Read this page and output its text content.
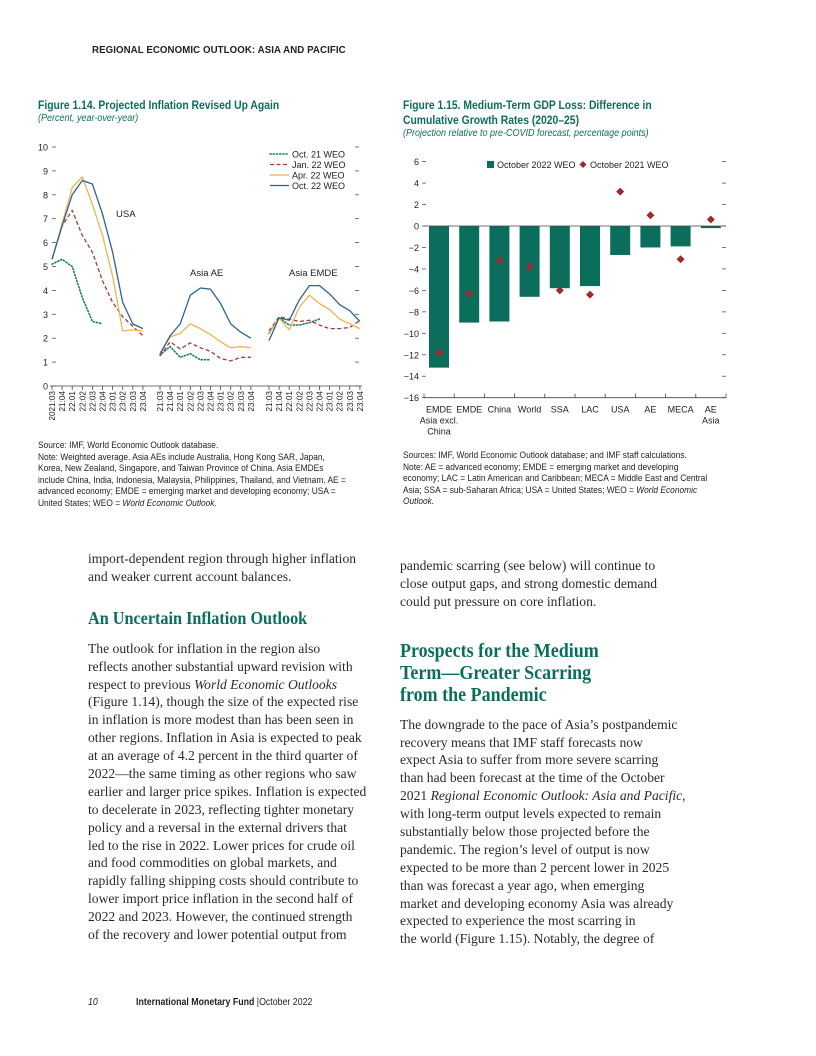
REGIONAL ECONOMIC OUTLOOK: ASIA AND PACIFIC
Figure 1.14. Projected Inflation Revised Up Again
(Percent, year-over-year)
0
1
2
3
4
5
6
7
8
9
10
2021:03 21:04 22:01 22:02 22:03 22:04 23:01 23:02 23:03 23:04 21:03 21:04 22:01 22:02 22:03 22:04 23:01 23:02 23:03 23:04 21:03 21:04 22:01 22:02 22:03 22:04 23:01 23:02 23:03 23:04
USA
Asia AE	Asia EMDE
Oct. 21 WEO
Jan. 22 WEO
Apr. 22 WEO
Oct. 22 WEO
Source: IMF, World Economic Outlook database.
Note: Weighted average. Asia AEs include Australia, Hong Kong SAR, Japan,
Korea, New Zealand, Singapore, and Taiwan Province of China. Asia EMDEs
include China, India, Indonesia, Malaysia, Philippines, Thailand, and Vietnam. AE =
advanced economy; EMDE = emerging market and developing economy; USA =
United States; WEO = World Economic Outlook.
Figure 1.15. Medium-Term GDP Loss: Difference in
Cumulative Growth Rates (2020–25)
(Projection relative to pre-COVID forecast, percentage points)
−16
−14
−12
−10
−8
−6
−4
−2
0
2
4
6
EMDE
Asia excl.
China
EMDE China World SSA LAC USA AE MECA AE
Asia
October 2022 WEO October 2021 WEO
Sources: IMF, World Economic Outlook database; and IMF staff calculations.
Note: AE = advanced economy; EMDE = emerging market and developing
economy; LAC = Latin American and Caribbean; MECA = Middle East and Central
Asia; SSA = sub-Saharan Africa; USA = United States; WEO = World Economic
Outlook.
import-dependent region through higher inflation
and weaker current account balances.
An Uncertain Inflation Outlook
The outlook for inflation in the region also
reflects another substantial upward revision with
respect to previous World Economic Outlooks
(Figure 1.14), though the size of the expected rise
in inflation is more modest than has been seen in
other regions. Inflation in Asia is expected to peak
at an average of 4.2 percent in the third quarter of
2022—the same timing as other regions who saw
earlier and larger price spikes. Inflation is expected
to decelerate in 2023, reflecting tighter monetary
policy and a reversal in the external drivers that
led to the rise in 2022. Lower prices for crude oil
and food commodities on global markets, and
rapidly falling shipping costs should contribute to
lower import price inflation in the second half of
2022 and 2023. However, the continued strength
of the recovery and lower potential output from
pandemic scarring (see below) will continue to
close output gaps, and strong domestic demand
could put pressure on core inflation.
Prospects for the Medium
Term—Greater Scarring
from the Pandemic
The downgrade to the pace of Asia’s postpandemic
recovery means that IMF staff forecasts now
expect Asia to suffer from more severe scarring
than had been forecast at the time of the October
2021 Regional Economic Outlook: Asia and Pacific,
with long-term output levels expected to remain
substantially below those projected before the
pandemic. The region’s level of output is now
expected to be more than 2 percent lower in 2025
than was forecast a year ago, when emerging
market and developing economy Asia was already
expected to experience the most scarring in
the world (Figure 1.15). Notably, the degree of
10	International Monetary Fund |October 2022
